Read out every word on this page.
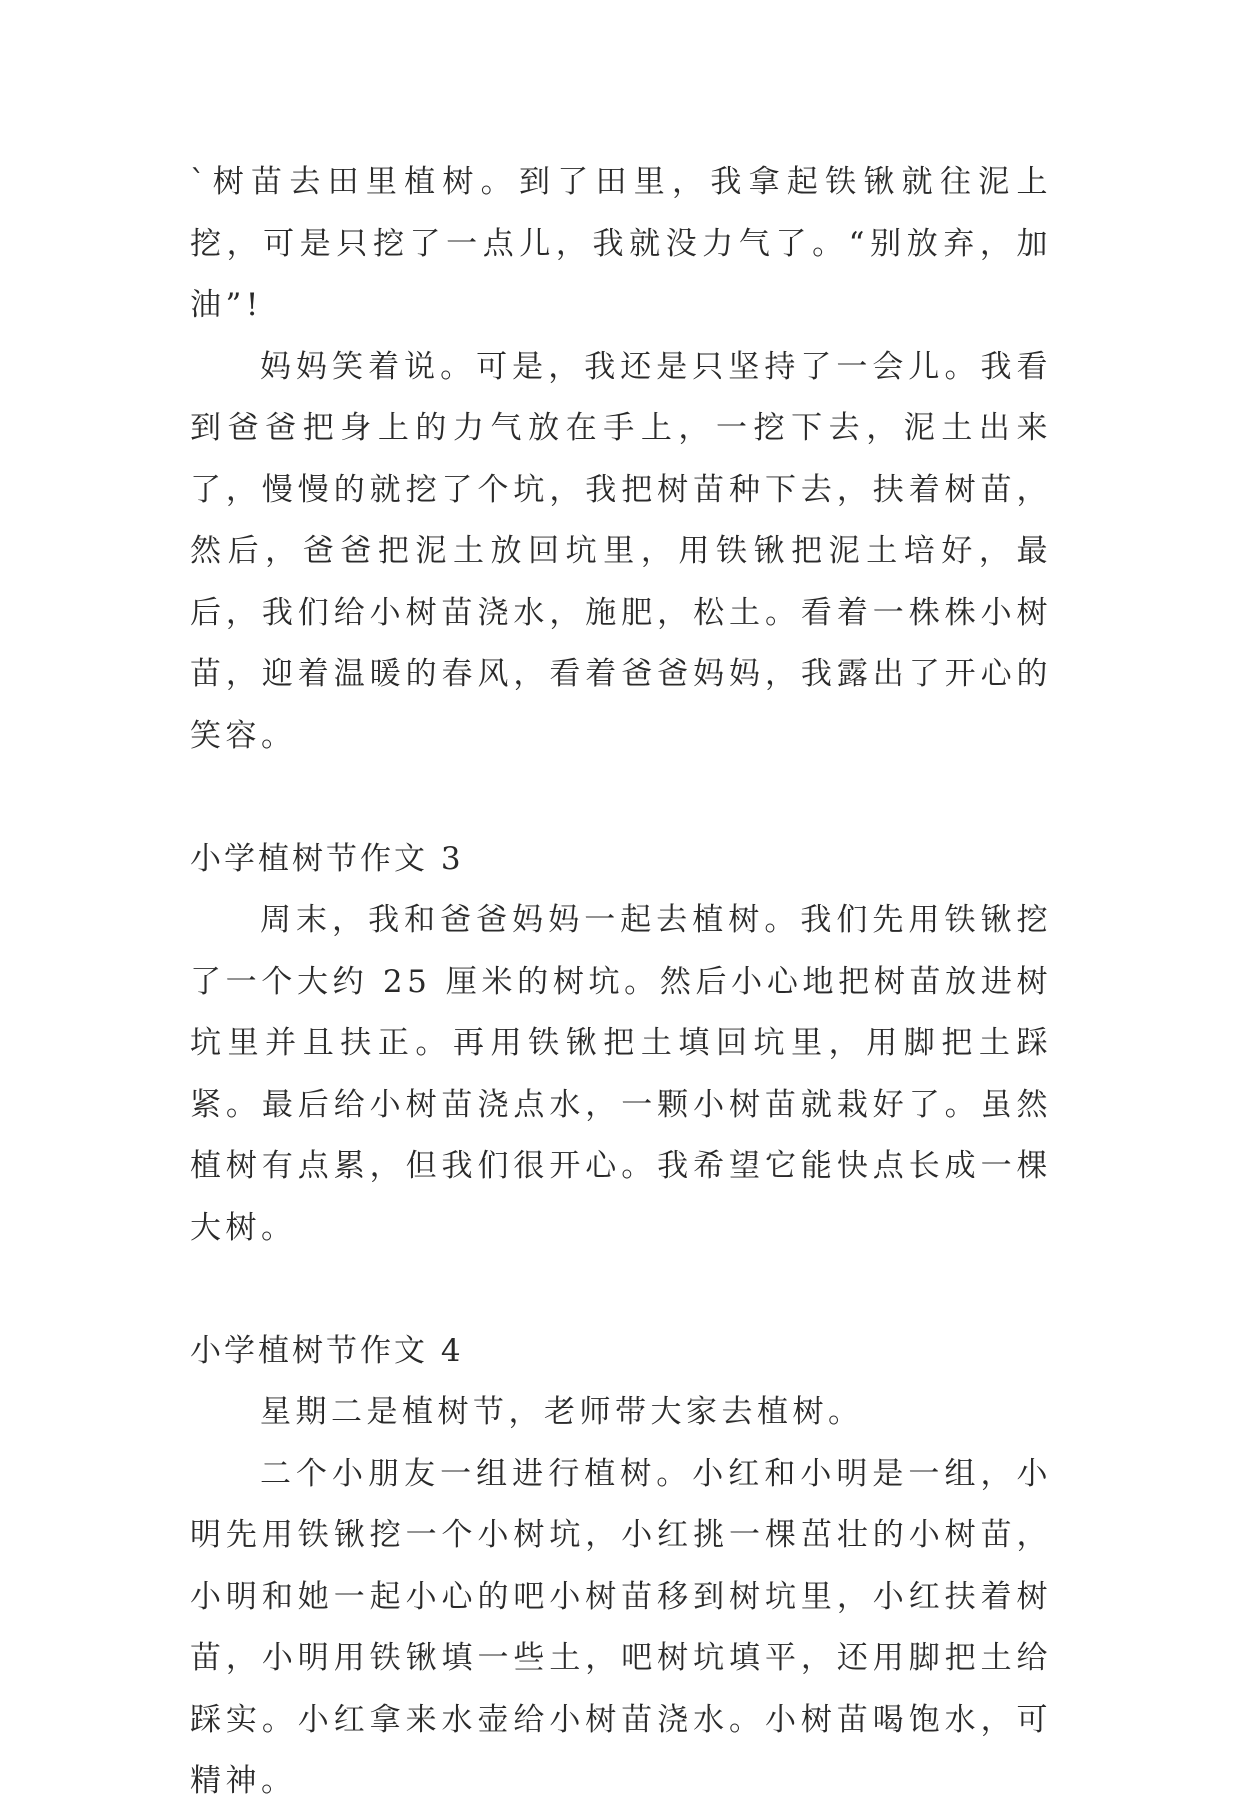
`树苗去田里植树。到了田里，我拿起铁锹就往泥上挖，可是只挖了一点儿，我就没力气了。“别放弃，加油”!

妈妈笑着说。可是，我还是只坚持了一会儿。我看到爸爸把身上的力气放在手上，一挖下去，泥土出来了，慢慢的就挖了个坑，我把树苗种下去，扶着树苗，然后，爸爸把泥土放回坑里，用铁锹把泥土培好，最后，我们给小树苗浇水，施肥，松土。看着一株株小树苗，迎着温暖的春风，看着爸爸妈妈，我露出了开心的笑容。

小学植树节作文 3

周末，我和爸爸妈妈一起去植树。我们先用铁锹挖了一个大约 25 厘米的树坑。然后小心地把树苗放进树坑里并且扶正。再用铁锹把土填回坑里，用脚把土踩紧。最后给小树苗浇点水，一颗小树苗就栽好了。虽然植树有点累，但我们很开心。我希望它能快点长成一棵大树。

小学植树节作文 4

星期二是植树节，老师带大家去植树。

二个小朋友一组进行植树。小红和小明是一组，小明先用铁锹挖一个小树坑，小红挑一棵茁壮的小树苗，小明和她一起小心的吧小树苗移到树坑里，小红扶着树苗，小明用铁锹填一些土，吧树坑填平，还用脚把土给踩实。小红拿来水壶给小树苗浇水。小树苗喝饱水，可精神。
